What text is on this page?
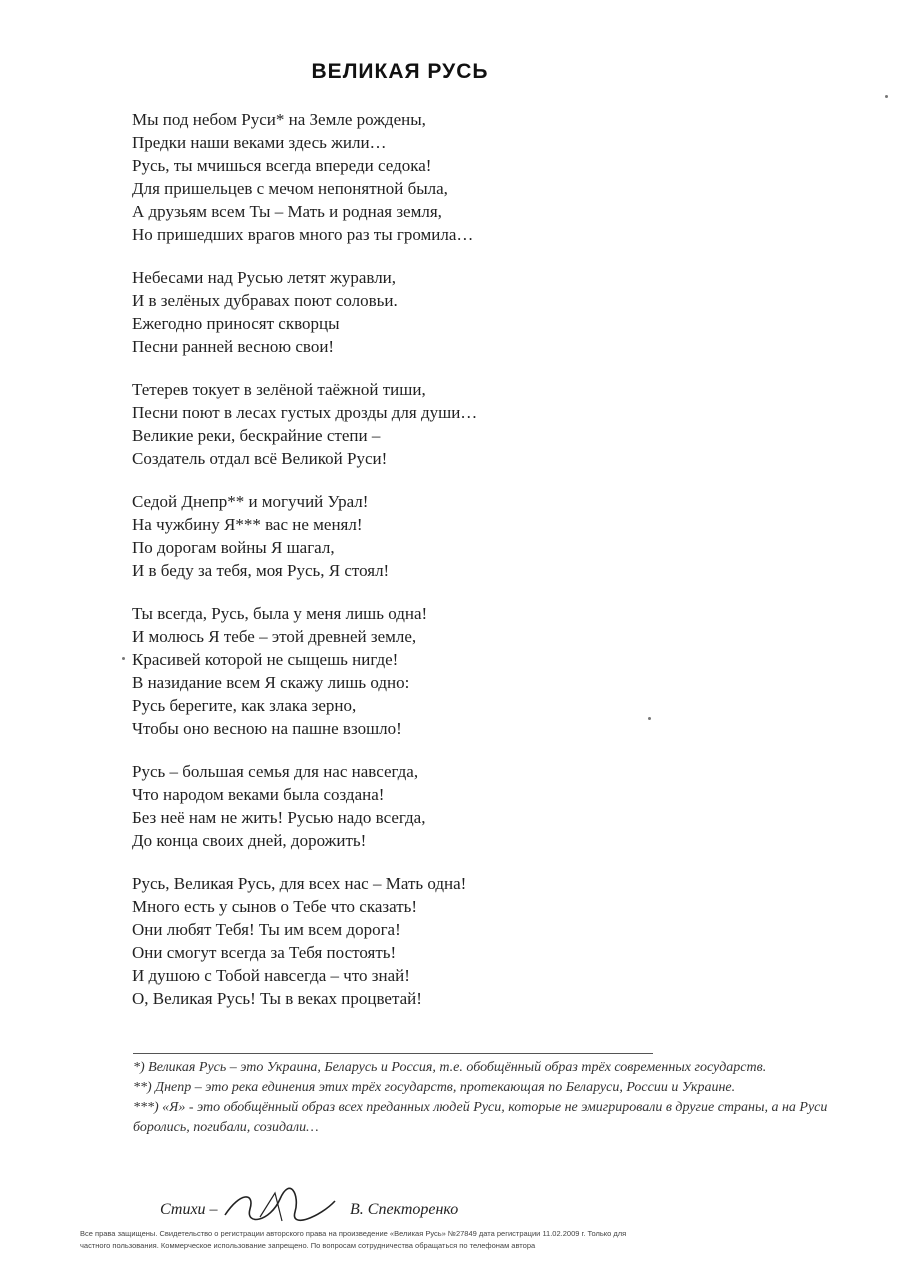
ВЕЛИКАЯ РУСЬ
Мы под небом Руси* на Земле рождены,
Предки наши веками здесь жили…
Русь, ты мчишься всегда впереди седока!
Для пришельцев с мечом непонятной была,
А друзьям всем Ты – Мать и родная земля,
Но пришедших врагов много раз ты громила…
Небесами над Русью летят журавли,
И в зелёных дубравах поют соловьи.
Ежегодно приносят скворцы
Песни ранней весною свои!
Тетерев токует в зелёной таёжной тиши,
Песни поют в лесах густых дрозды для души…
Великие реки, бескрайние степи –
Создатель отдал всё Великой Руси!
Седой Днепр** и могучий Урал!
На чужбину Я*** вас не менял!
По дорогам войны Я шагал,
И в беду за тебя, моя Русь, Я стоял!
Ты всегда, Русь, была у меня лишь одна!
И молюсь Я тебе – этой древней земле,
Красивей которой не сыщешь нигде!
В назидание всем Я скажу лишь одно:
Русь берегите, как злака зерно,
Чтобы оно весною на пашне взошло!
Русь – большая семья для нас навсегда,
Что народом веками была создана!
Без неё нам не жить! Русью надо всегда,
До конца своих дней, дорожить!
Русь, Великая Русь, для всех нас – Мать одна!
Много есть у сынов о Тебе что сказать!
Они любят Тебя! Ты им всем дорога!
Они смогут всегда за Тебя постоять!
И душою с Тобой навсегда – что знай!
О, Великая Русь! Ты в веках процветай!

*) Великая Русь – это Украина, Беларусь и Россия, т.е. обобщённый образ трёх современных государств.

**) Днепр – это река единения этих трёх государств, протекающая по Беларуси, России и Украине.

***) «Я» - это обобщённый образ всех преданных людей Руси, которые не эмигрировали в другие страны, а на Руси боролись, погибали, созидали…

Стихи –	В. Спекторенко
Все права защищены. Свидетельство о регистрации авторского права на произведение «Великая Русь» №27849 дата регистрации 11.02.2009 г. Только для
частного пользования. Коммерческое использование запрещено. По вопросам сотрудничества обращаться по телефонам автора
